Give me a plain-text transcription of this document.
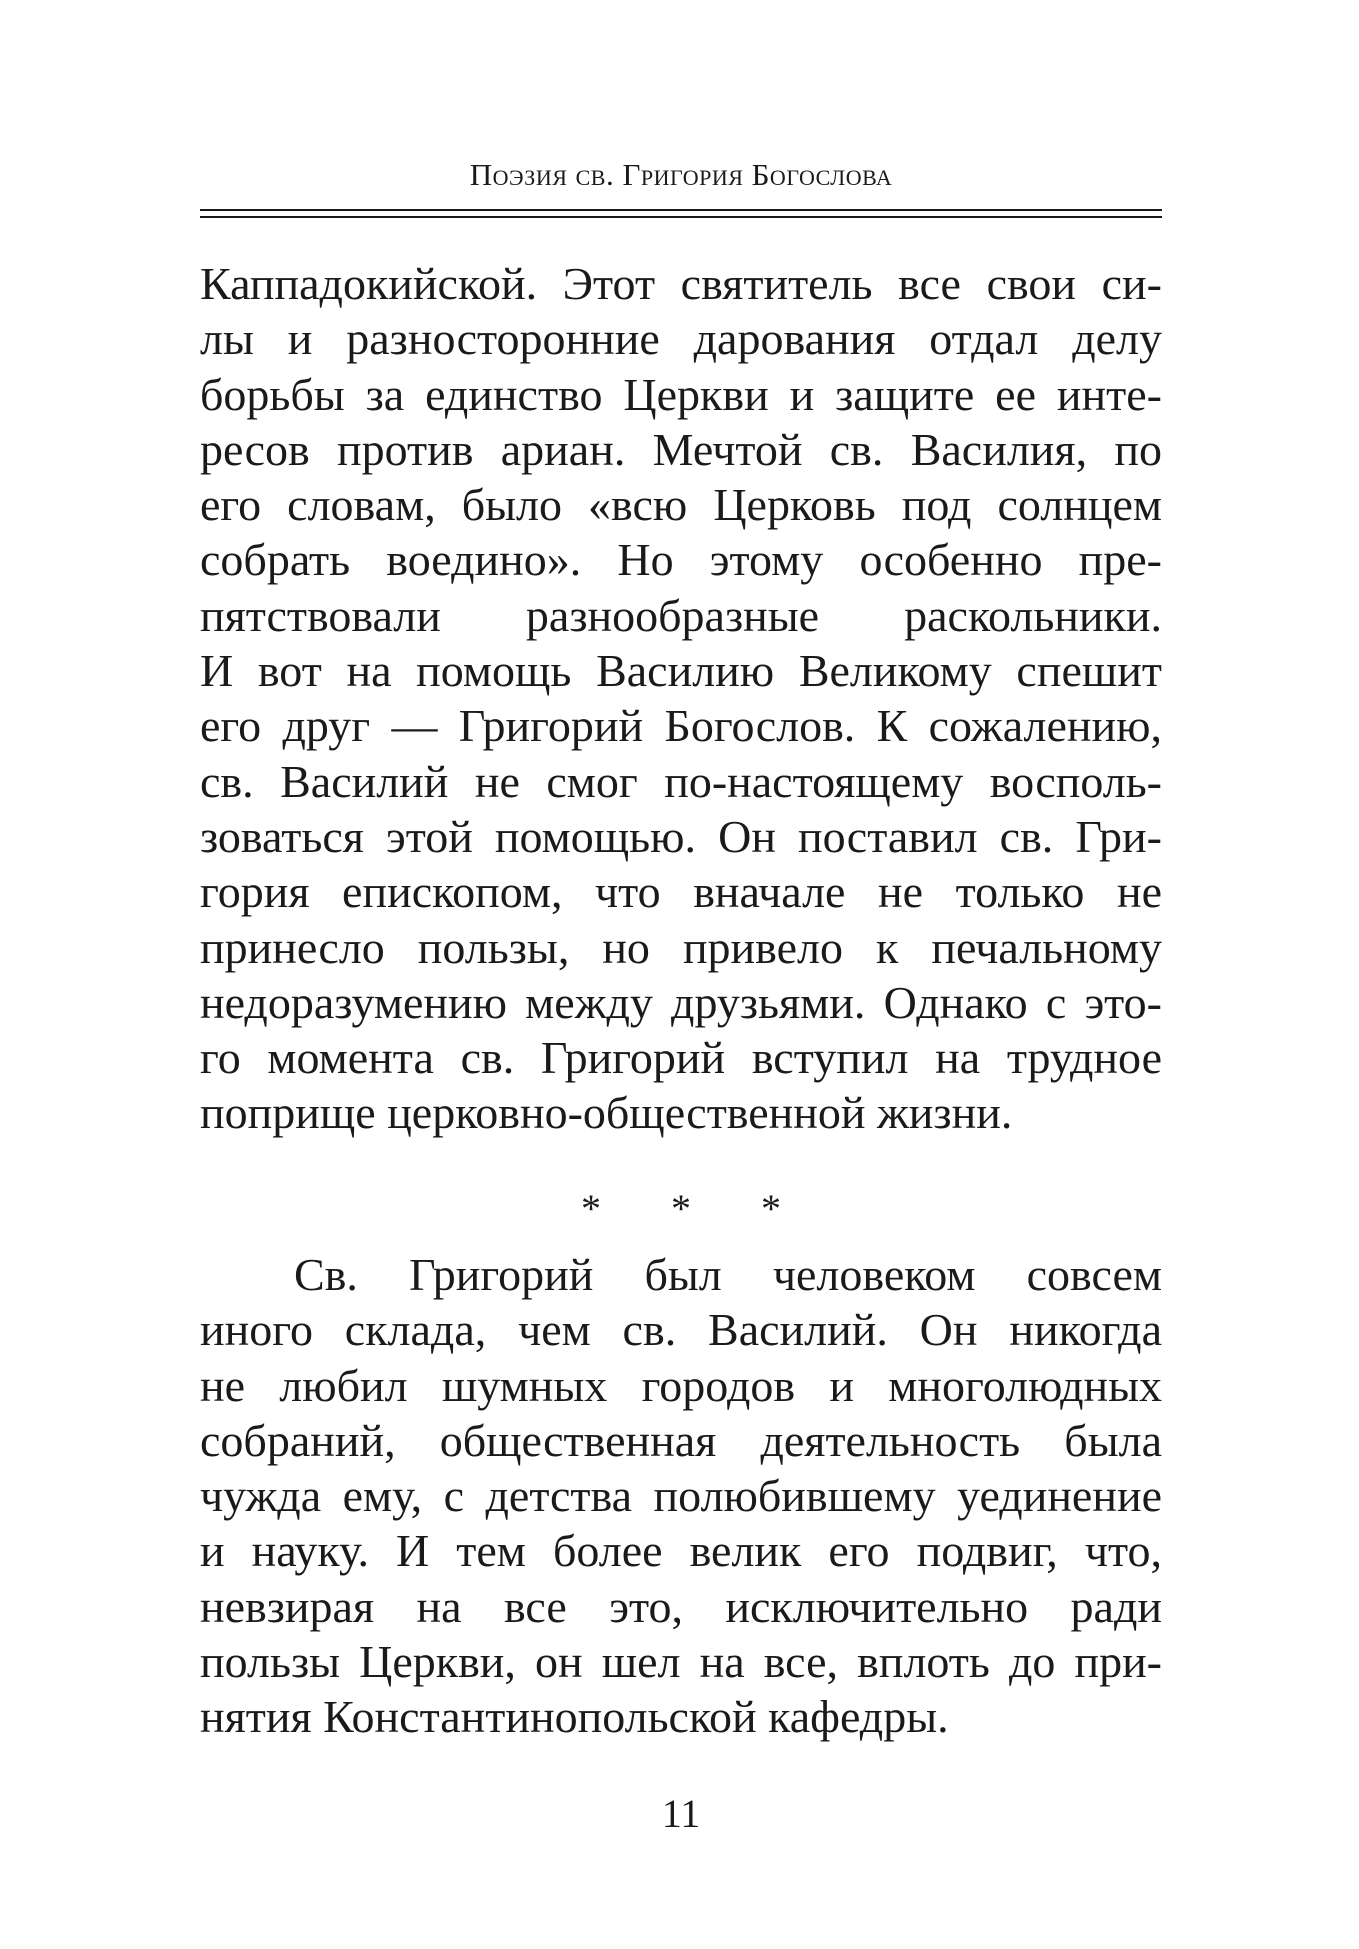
Поэзия св. Григория Богослова
Каппадокийской. Этот святитель все свои си-
лы и разносторонние дарования отдал делу
борьбы за единство Церкви и защите ее инте-
ресов против ариан. Мечтой св. Василия, по
его словам, было «всю Церковь под солнцем
собрать воедино». Но этому особенно пре-
пятствовали разнообразные раскольники.
И вот на помощь Василию Великому спешит
его друг — Григорий Богослов. К сожалению,
св. Василий не смог по-настоящему восполь-
зоваться этой помощью. Он поставил св. Гри-
гория епископом, что вначале не только не
принесло пользы, но привело к печальному
недоразумению между друзьями. Однако с это-
го момента св. Григорий вступил на трудное
поприще церковно-общественной жизни.
* * *
Св. Григорий был человеком совсем
иного склада, чем св. Василий. Он никогда
не любил шумных городов и многолюдных
собраний, общественная деятельность была
чужда ему, с детства полюбившему уединение
и науку. И тем более велик его подвиг, что,
невзирая на все это, исключительно ради
пользы Церкви, он шел на все, вплоть до при-
нятия Константинопольской кафедры.
11
